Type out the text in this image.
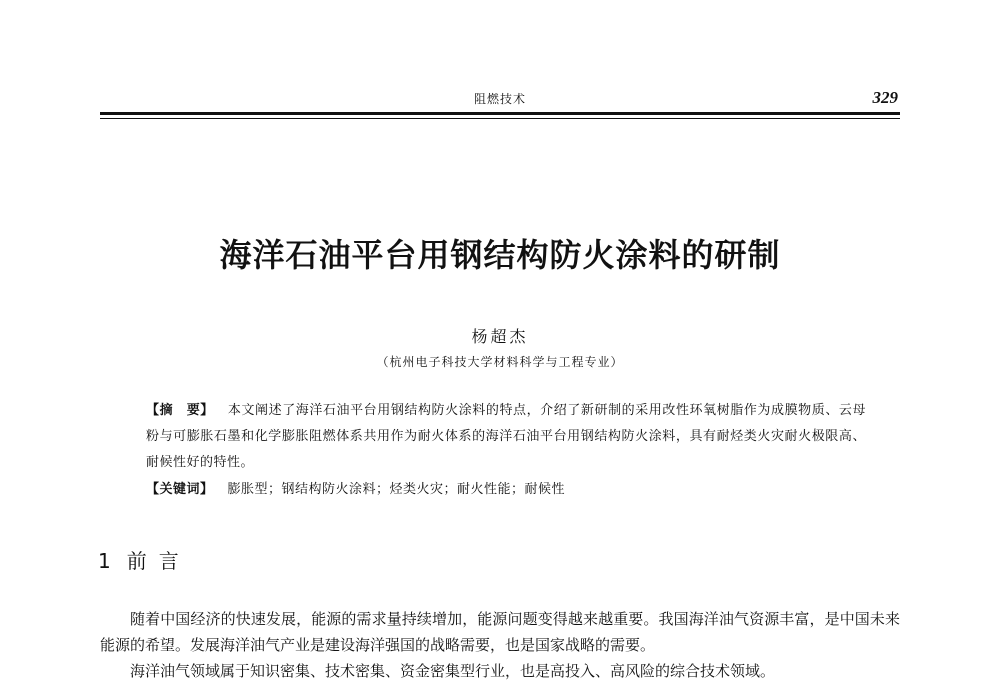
阻燃技术	329
海洋石油平台用钢结构防火涂料的研制
杨超杰
（杭州电子科技大学材料科学与工程专业）
【摘　要】 本文阐述了海洋石油平台用钢结构防火涂料的特点，介绍了新研制的采用改性环氧树脂作为成膜物质、云母粉与可膨胀石墨和化学膨胀阻燃体系共用作为耐火体系的海洋石油平台用钢结构防火涂料，具有耐烃类火灾耐火极限高、耐候性好的特性。
【关键词】 膨胀型；钢结构防火涂料；烃类火灾；耐火性能；耐候性
1 前言

随着中国经济的快速发展，能源的需求量持续增加，能源问题变得越来越重要。我国海洋油气资源丰富，是中国未来能源的希望。发展海洋油气产业是建设海洋强国的战略需要，也是国家战略的需要。

海洋油气领域属于知识密集、技术密集、资金密集型行业，也是高投入、高风险的综合技术领域。
